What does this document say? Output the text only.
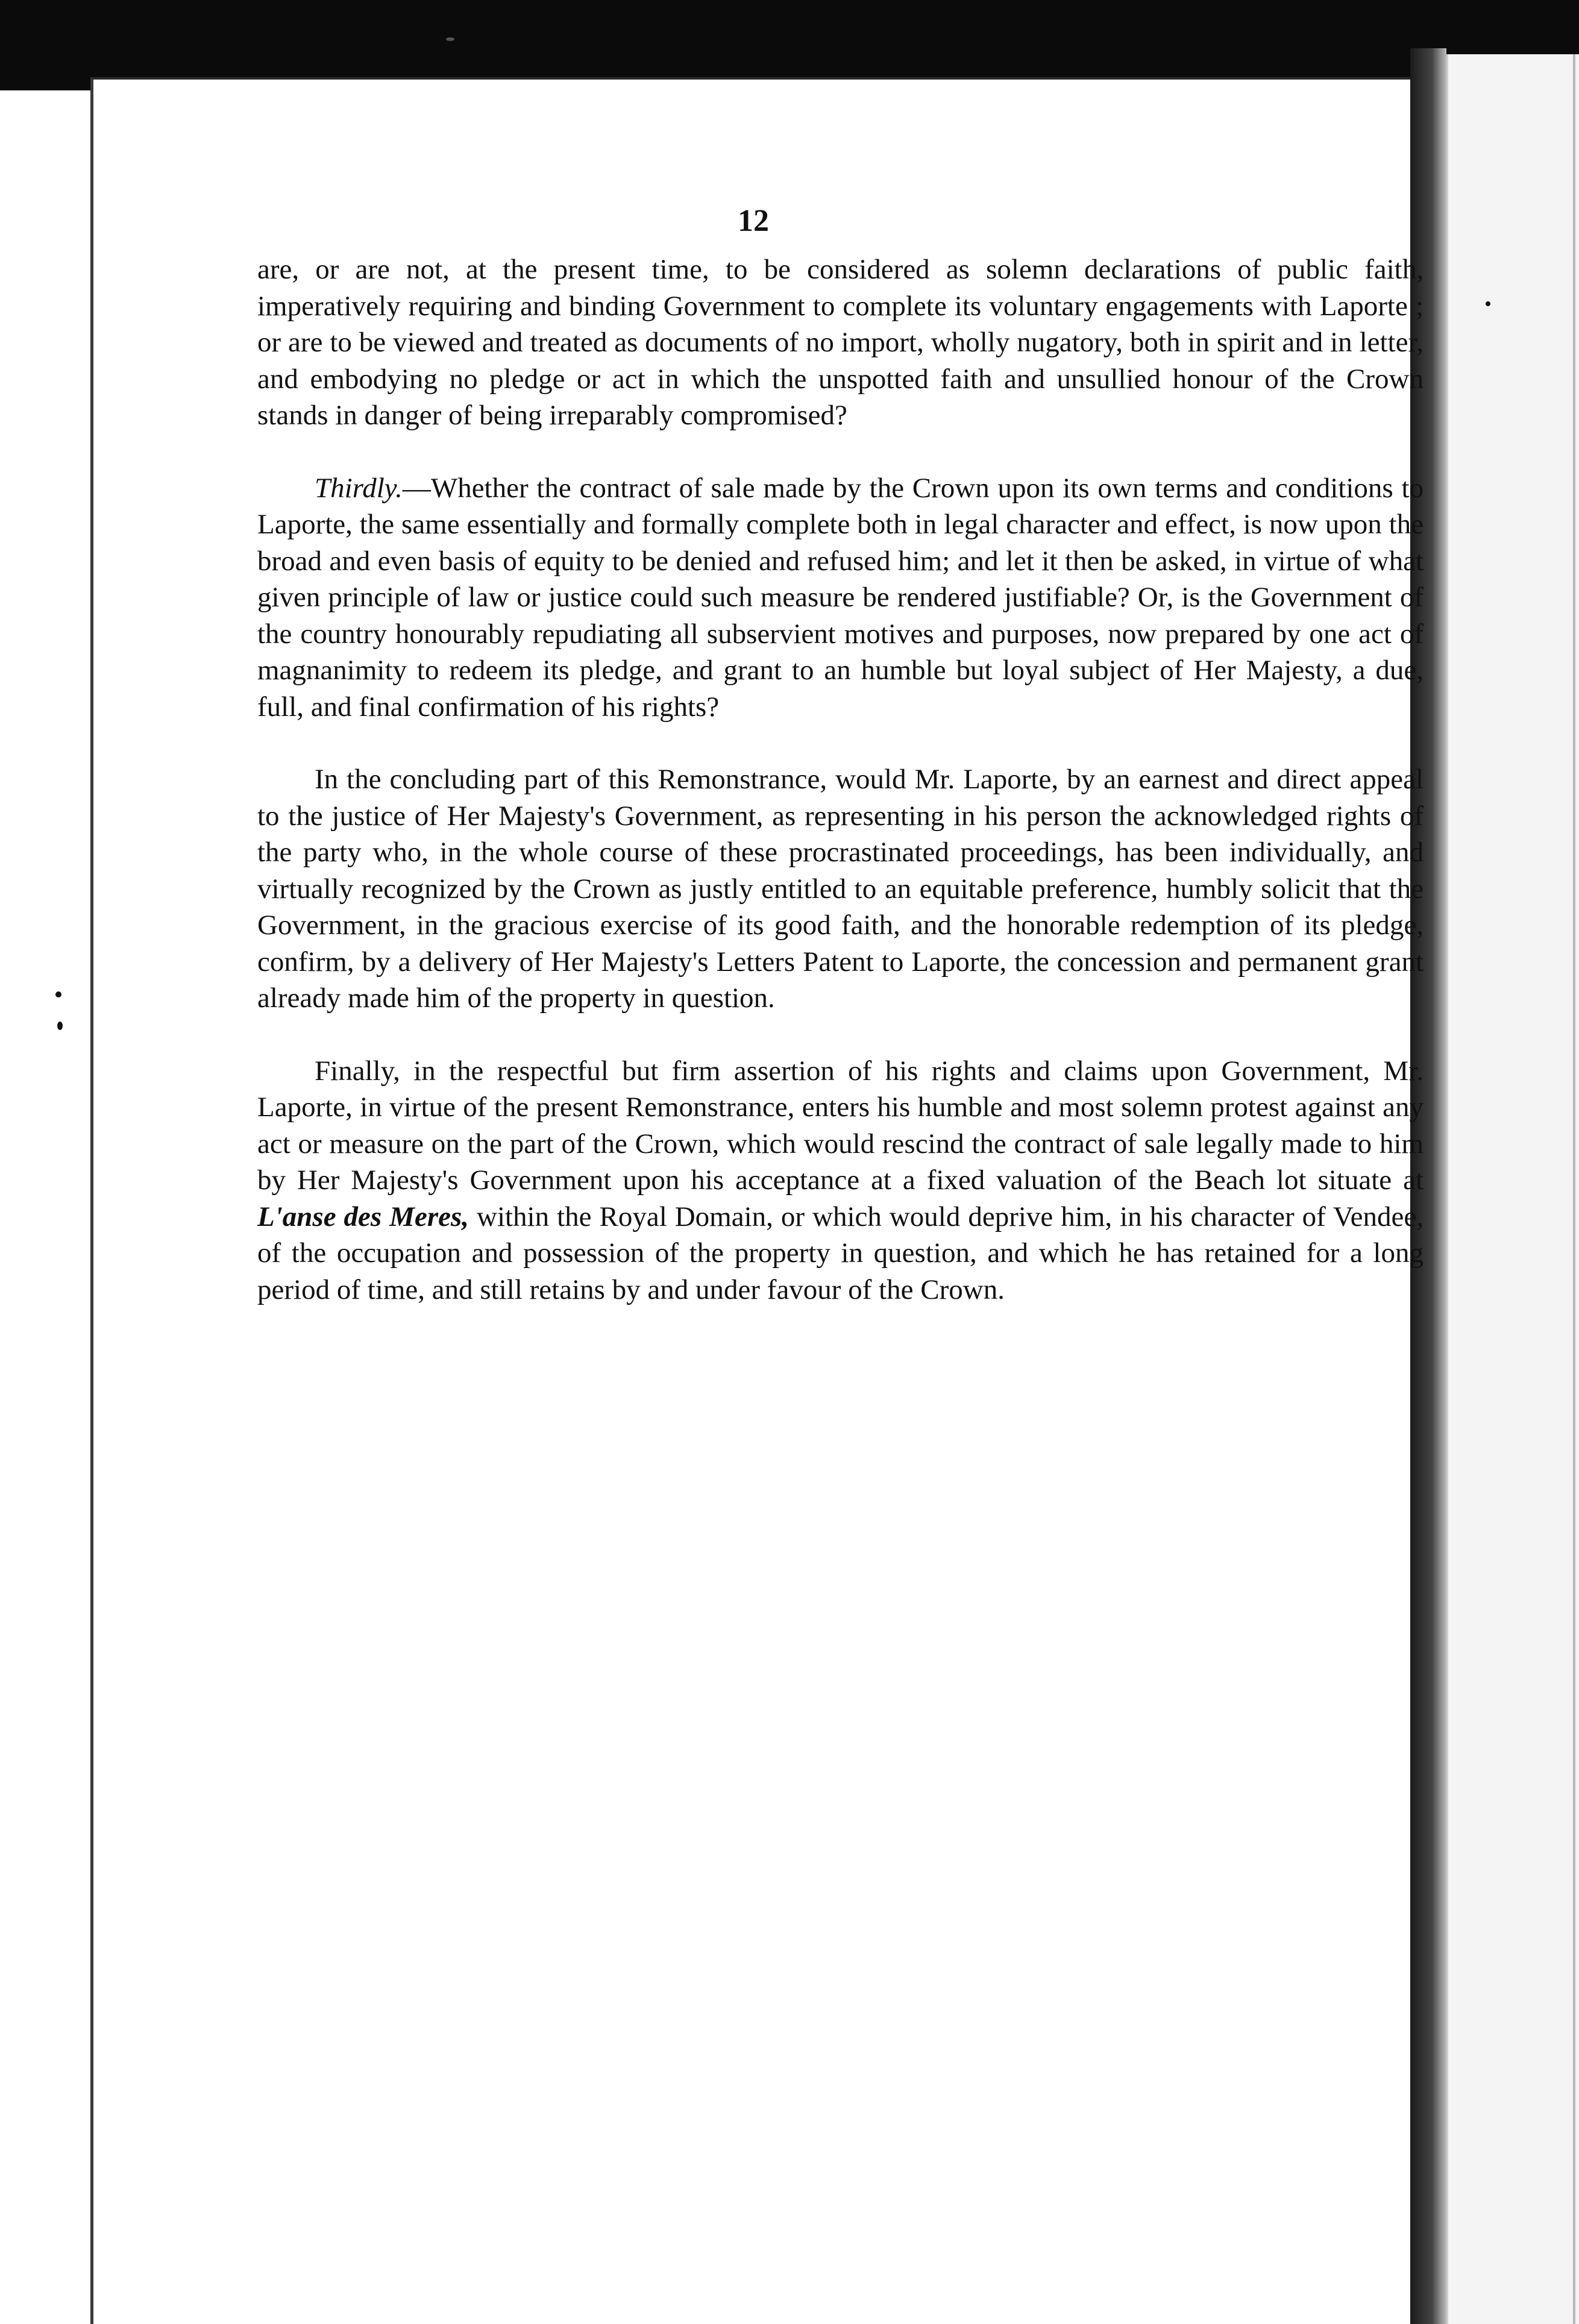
12

are, or are not, at the present time, to be considered as solemn declarations of public faith, imperatively requiring and binding Government to complete its voluntary engagements with Laporte ; or are to be viewed and treated as documents of no import, wholly nugatory, both in spirit and in letter, and embodying no pledge or act in which the unspotted faith and unsullied honour of the Crown stands in danger of being irreparably compromised?

Thirdly.—Whether the contract of sale made by the Crown upon its own terms and conditions to Laporte, the same essentially and formally complete both in legal character and effect, is now upon the broad and even basis of equity to be denied and refused him; and let it then be asked, in virtue of what given principle of law or justice could such measure be rendered justifiable? Or, is the Government of the country honourably repudiating all subservient motives and purposes, now prepared by one act of magnanimity to redeem its pledge, and grant to an humble but loyal subject of Her Majesty, a due, full, and final confirmation of his rights?

In the concluding part of this Remonstrance, would Mr. Laporte, by an earnest and direct appeal to the justice of Her Majesty's Government, as representing in his person the acknowledged rights of the party who, in the whole course of these procrastinated proceedings, has been individually, and virtually recognized by the Crown as justly entitled to an equitable preference, humbly solicit that the Government, in the gracious exercise of its good faith, and the honorable redemption of its pledge, confirm, by a delivery of Her Majesty's Letters Patent to Laporte, the concession and permanent grant already made him of the property in question.

Finally, in the respectful but firm assertion of his rights and claims upon Government, Mr. Laporte, in virtue of the present Remonstrance, enters his humble and most solemn protest against any act or measure on the part of the Crown, which would rescind the contract of sale legally made to him by Her Majesty's Government upon his acceptance at a fixed valuation of the Beach lot situate at L'anse des Meres, within the Royal Domain, or which would deprive him, in his character of Vendee, of the occupation and possession of the property in question, and which he has retained for a long period of time, and still retains by and under favour of the Crown.
